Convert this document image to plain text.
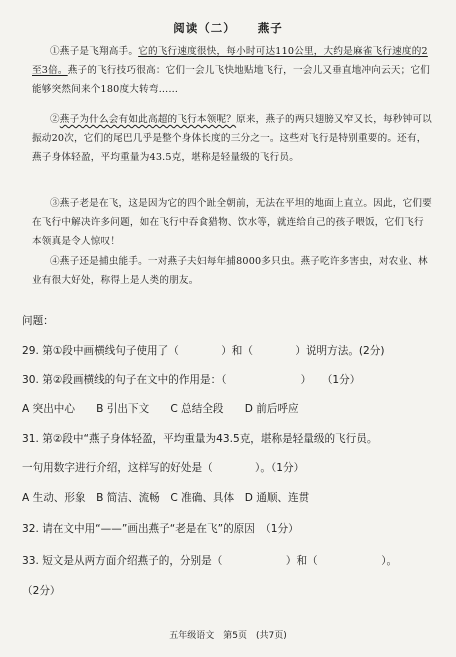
阅读（二） 燕子
①燕子是飞翔高手。它的飞行速度很快，每小时可达110公里，大约是麻雀飞行速度的2至3倍。燕子的飞行技巧很高：它们一会儿飞快地贴地飞行，一会儿又垂直地冲向云天；它们能够突然间来个180度大转弯……
②燕子为什么会有如此高超的飞行本领呢？原来，燕子的两只翅膀又窄又长，每秒钟可以振动20次，它们的尾巴几乎是整个身体长度的三分之一。这些对飞行是特别重要的。还有，燕子身体轻盈，平均重量为43.5克，堪称是轻量级的飞行员。
③燕子老是在飞，这是因为它的四个趾全朝前，无法在平坦的地面上直立。因此，它们要在飞行中解决许多问题，如在飞行中吞食猎物、饮水等，就连给自己的孩子喂饭，它们飞行本领真是令人惊叹！
④燕子还是捕虫能手。一对燕子夫妇每年捕8000多只虫。燕子吃许多害虫，对农业、林业有很大好处，称得上是人类的朋友。
问题：
29. 第①段中画横线句子使用了（　　　　）和（　　　　）说明方法。(2分)
30. 第②段画横线的句子在文中的作用是：（　　　　　　　）　　（1分）
A 突出中心　　B 引出下文　　C 总结全段　　D 前后呼应
31. 第②段中“燕子身体轻盈，平均重量为43.5克，堪称是轻量级的飞行员。
一句用数字进行介绍，这样写的好处是（　　　　）。（1分）
A 生动、形象　B 简洁、流畅　C 准确、具体　D 通顺、连贯
32. 请在文中用“——”画出燕子“老是在飞”的原因　（1分）
33. 短文是从两方面介绍燕子的，分别是（　　　　　　）和（　　　　　　）。
（2分）
五年级语文　第5页　(共7页)
